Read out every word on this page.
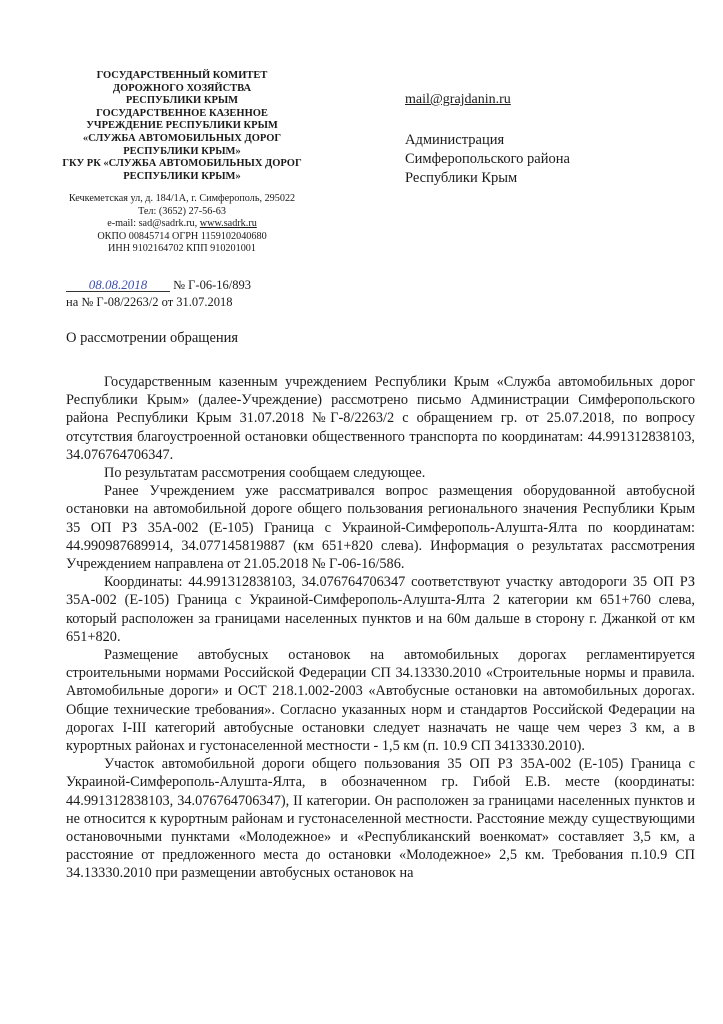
ГОСУДАРСТВЕННЫЙ КОМИТЕТ
ДОРОЖНОГО ХОЗЯЙСТВА
РЕСПУБЛИКИ КРЫМ
ГОСУДАРСТВЕННОЕ КАЗЕННОЕ
УЧРЕЖДЕНИЕ РЕСПУБЛИКИ КРЫМ
«СЛУЖБА АВТОМОБИЛЬНЫХ ДОРОГ
РЕСПУБЛИКИ КРЫМ»
ГКУ РК «СЛУЖБА АВТОМОБИЛЬНЫХ ДОРОГ
РЕСПУБЛИКИ КРЫМ»
Кечкеметская ул, д. 184/1А, г. Симферополь, 295022
Тел: (3652) 27-56-63
e-mail: sad@sadrk.ru, www.sadrk.ru
ОКПО 00845714 ОГРН 1159102040680
ИНН 9102164702 КПП 910201001
08.08.2018 № Г-06-16/893
на № Г-08/2263/2 от 31.07.2018
mail@grajdanin.ru
Администрация
Симферопольского района
Республики Крым
О рассмотрении обращения

Государственным казенным учреждением Республики Крым «Служба автомобильных дорог Республики Крым» (далее-Учреждение) рассмотрено письмо Администрации Симферопольского района Республики Крым 31.07.2018 №Г-8/2263/2 с обращением гр. от 25.07.2018, по вопросу отсутствия благоустроенной остановки общественного транспорта по координатам: 44.991312838103, 34.076764706347.

По результатам рассмотрения сообщаем следующее.

Ранее Учреждением уже рассматривался вопрос размещения оборудованной автобусной остановки на автомобильной дороге общего пользования регионального значения Республики Крым 35 ОП РЗ 35А-002 (Е-105) Граница с Украиной-Симферополь-Алушта-Ялта по координатам: 44.990987689914, 34.077145819887 (км 651+820 слева). Информация о результатах рассмотрения Учреждением направлена от 21.05.2018 № Г-06-16/586.

Координаты: 44.991312838103, 34.076764706347 соответствуют участку автодороги 35 ОП РЗ 35А-002 (Е-105) Граница с Украиной-Симферополь-Алушта-Ялта 2 категории км 651+760 слева, который расположен за границами населенных пунктов и на 60м дальше в сторону г. Джанкой от км 651+820.

Размещение автобусных остановок на автомобильных дорогах регламентируется строительными нормами Российской Федерации СП 34.13330.2010 «Строительные нормы и правила. Автомобильные дороги» и ОСТ 218.1.002-2003 «Автобусные остановки на автомобильных дорогах. Общие технические требования». Согласно указанных норм и стандартов Российской Федерации на дорогах I-III категорий автобусные остановки следует назначать не чаще чем через 3 км, а в курортных районах и густонаселенной местности - 1,5 км (п. 10.9 СП 3413330.2010).

Участок автомобильной дороги общего пользования 35 ОП РЗ 35А-002 (Е-105) Граница с Украиной-Симферополь-Алушта-Ялта, в обозначенном гр. Гибой Е.В. месте (координаты: 44.991312838103, 34.076764706347), II категории. Он расположен за границами населенных пунктов и не относится к курортным районам и густонаселенной местности. Расстояние между существующими остановочными пунктами «Молодежное» и «Республиканский военкомат» составляет 3,5 км, а расстояние от предложенного места до остановки «Молодежное» 2,5 км. Требования п.10.9 СП 34.13330.2010 при размещении автобусных остановок на
